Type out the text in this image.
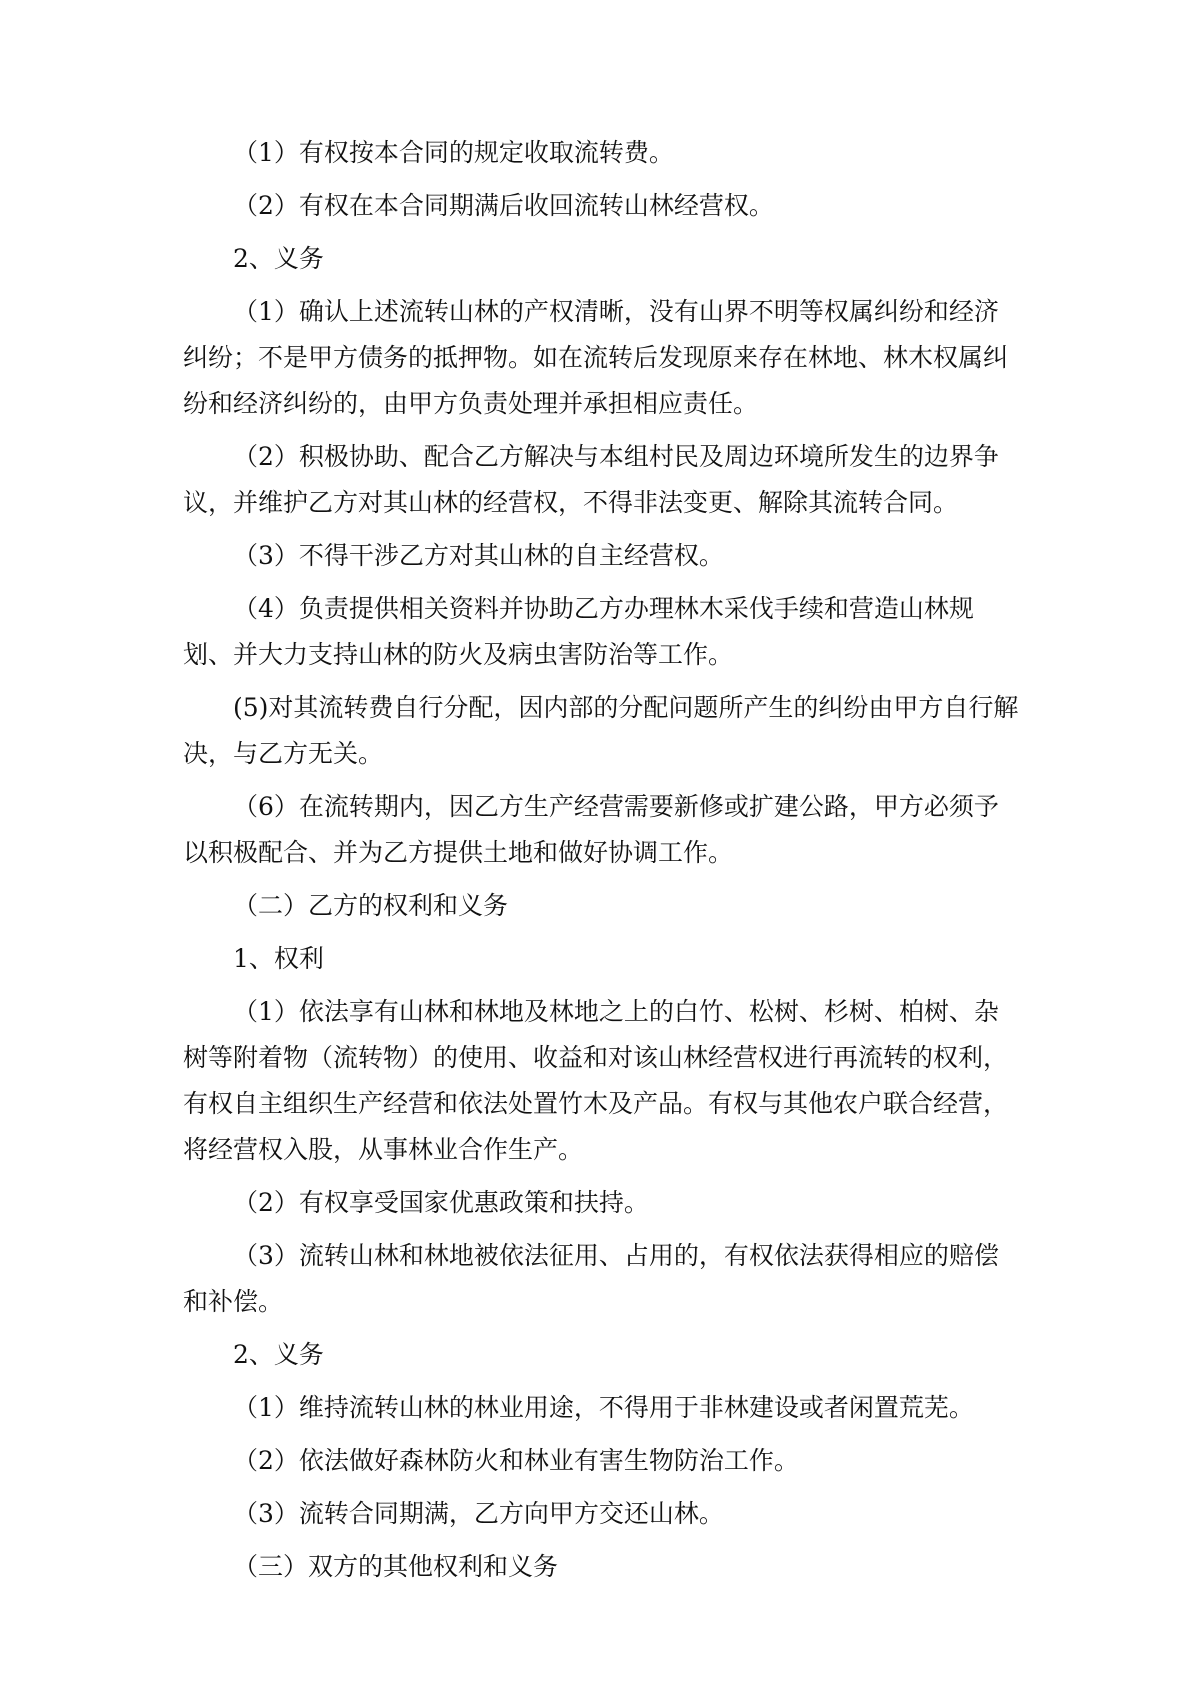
（1）有权按本合同的规定收取流转费。

（2）有权在本合同期满后收回流转山林经营权。

2、义务

（1）确认上述流转山林的产权清晰，没有山界不明等权属纠纷和经济纠纷；不是甲方债务的抵押物。如在流转后发现原来存在林地、林木权属纠纷和经济纠纷的，由甲方负责处理并承担相应责任。

（2）积极协助、配合乙方解决与本组村民及周边环境所发生的边界争议，并维护乙方对其山林的经营权，不得非法变更、解除其流转合同。

（3）不得干涉乙方对其山林的自主经营权。

（4）负责提供相关资料并协助乙方办理林木采伐手续和营造山林规划、并大力支持山林的防火及病虫害防治等工作。

(5)对其流转费自行分配，因内部的分配问题所产生的纠纷由甲方自行解决，与乙方无关。

（6）在流转期内，因乙方生产经营需要新修或扩建公路，甲方必须予以积极配合、并为乙方提供土地和做好协调工作。

（二）乙方的权利和义务

1、权利

（1）依法享有山林和林地及林地之上的白竹、松树、杉树、柏树、杂树等附着物（流转物）的使用、收益和对该山林经营权进行再流转的权利，有权自主组织生产经营和依法处置竹木及产品。有权与其他农户联合经营，将经营权入股，从事林业合作生产。

（2）有权享受国家优惠政策和扶持。

（3）流转山林和林地被依法征用、占用的，有权依法获得相应的赔偿和补偿。

2、义务

（1）维持流转山林的林业用途，不得用于非林建设或者闲置荒芜。

（2）依法做好森林防火和林业有害生物防治工作。

（3）流转合同期满，乙方向甲方交还山林。

（三）双方的其他权利和义务
